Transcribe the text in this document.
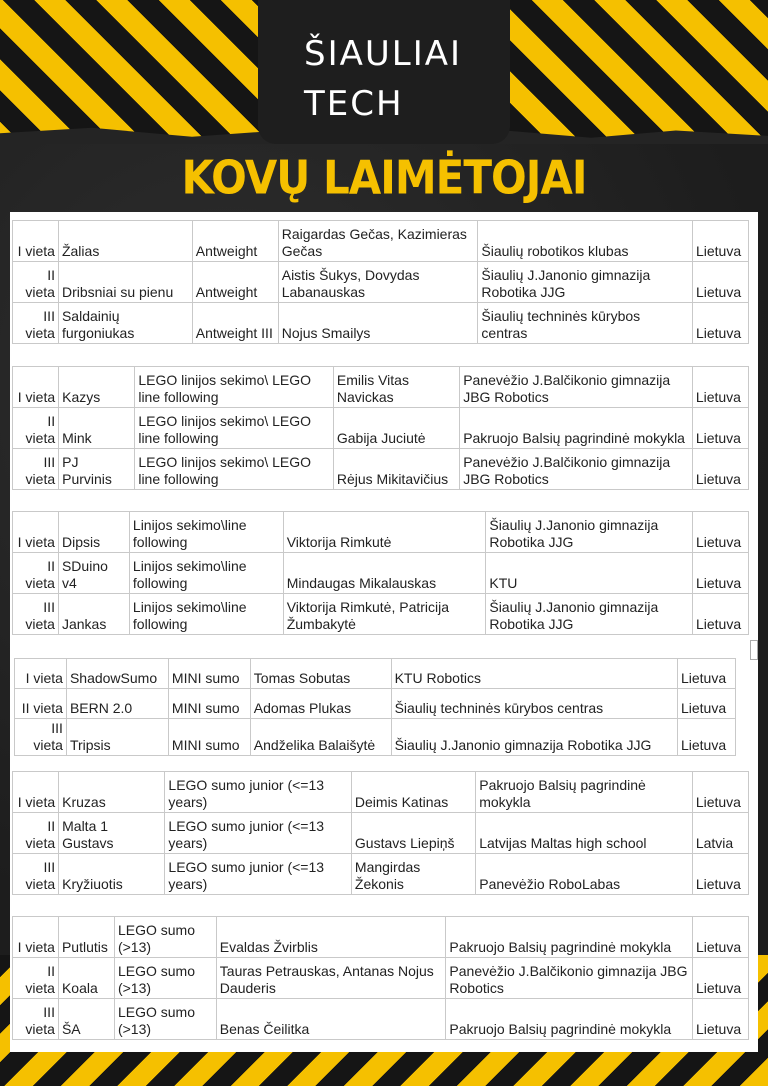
ŠIAULIAI
TECH
KOVŲ LAIMĖTOJAI
I vieta	Žalias	Antweight	Raigardas Gečas, Kazimieras Gečas	Šiaulių robotikos klubas	Lietuva
II vieta	Dribsniai su pienu	Antweight	Aistis Šukys, Dovydas Labanauskas	Šiaulių J.Janonio gimnazija Robotika JJG	Lietuva
III vieta	Saldainių furgoniukas	Antweight III	Nojus Smailys	Šiaulių techninės kūrybos centras	Lietuva
I vieta	Kazys	LEGO linijos sekimo\ LEGO line following	Emilis Vitas Navickas	Panevėžio J.Balčikonio gimnazija JBG Robotics	Lietuva
II vieta	Mink	LEGO linijos sekimo\ LEGO line following	Gabija Juciutė	Pakruojo Balsių pagrindinė mokykla	Lietuva
III vieta	PJ Purvinis	LEGO linijos sekimo\ LEGO line following	Rėjus Mikitavičius	Panevėžio J.Balčikonio gimnazija JBG Robotics	Lietuva
I vieta	Dipsis	Linijos sekimo\line following	Viktorija Rimkutė	Šiaulių J.Janonio gimnazija Robotika JJG	Lietuva
II vieta	SDuino v4	Linijos sekimo\line following	Mindaugas Mikalauskas	KTU	Lietuva
III vieta	Jankas	Linijos sekimo\line following	Viktorija Rimkutė, Patricija Žumbakytė	Šiaulių J.Janonio gimnazija Robotika JJG	Lietuva
I vieta	ShadowSumo	MINI sumo	Tomas Sobutas	KTU Robotics	Lietuva
II vieta	BERN 2.0	MINI sumo	Adomas Plukas	Šiaulių techninės kūrybos centras	Lietuva
III vieta	Tripsis	MINI sumo	Andželika Balaišytė	Šiaulių J.Janonio gimnazija Robotika JJG	Lietuva
I vieta	Kruzas	LEGO sumo junior (<=13 years)	Deimis Katinas	Pakruojo Balsių pagrindinė mokykla	Lietuva
II vieta	Malta 1 Gustavs	LEGO sumo junior (<=13 years)	Gustavs Liepiņš	Latvijas Maltas high school	Latvia
III vieta	Kryžiuotis	LEGO sumo junior (<=13 years)	Mangirdas Žekonis	Panevėžio RoboLabas	Lietuva
I vieta	Putlutis	LEGO sumo (>13)	Evaldas Žvirblis	Pakruojo Balsių pagrindinė mokykla	Lietuva
II vieta	Koala	LEGO sumo (>13)	Tauras Petrauskas, Antanas Nojus Dauderis	Panevėžio J.Balčikonio gimnazija JBG Robotics	Lietuva
III vieta	ŠA	LEGO sumo (>13)	Benas Čeilitka	Pakruojo Balsių pagrindinė mokykla	Lietuva
